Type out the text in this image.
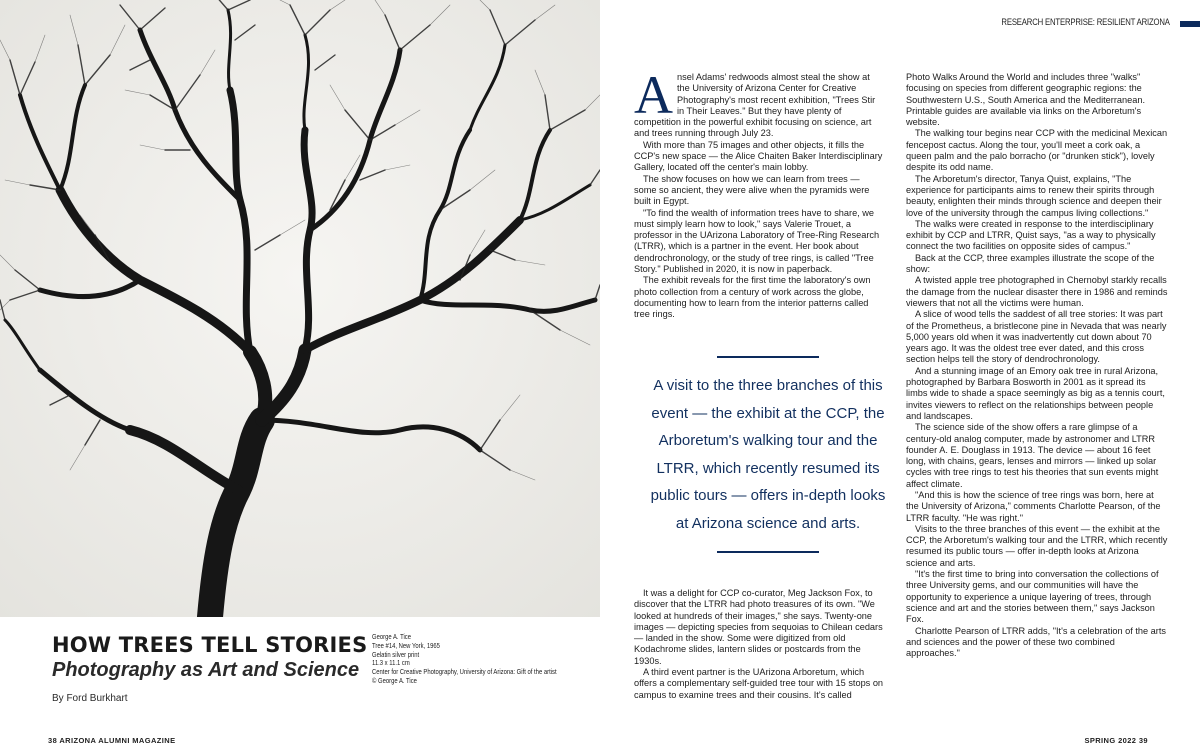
HOW TREES TELL STORIES
Photography as Art and Science
By Ford Burkhart
George A. Tice
Tree #14, New York, 1965
Gelatin silver print
11.3 x 11.1 cm
Center for Creative Photography, University of Arizona: Gift of the artist
© George A. Tice
38 ARIZONA ALUMNI MAGAZINE	SPRING 2022 39
RESEARCH ENTERPRISE: RESILIENT ARIZONA
A nsel Adams' redwoods almost steal the show at the University of Arizona Center for Creative Photography's most recent exhibition, "Trees Stir in Their Leaves." But they have plenty of competition in the powerful exhibit focusing on science, art and trees running through July 23.

With more than 75 images and other objects, it fills the CCP's new space — the Alice Chaiten Baker Interdisciplinary Gallery, located off the center's main lobby.

The show focuses on how we can learn from trees — some so ancient, they were alive when the pyramids were built in Egypt.

"To find the wealth of information trees have to share, we must simply learn how to look," says Valerie Trouet, a professor in the UArizona Laboratory of Tree-Ring Research (LTRR), which is a partner in the event. Her book about dendrochronology, or the study of tree rings, is called "Tree Story." Published in 2020, it is now in paperback.

The exhibit reveals for the first time the laboratory's own photo collection from a century of work across the globe, documenting how to learn from the interior patterns called tree rings.

A visit to the three branches of this event — the exhibit at the CCP, the Arboretum's walking tour and the LTRR, which recently resumed its public tours — offers in-depth looks at Arizona science and arts.

It was a delight for CCP co-curator, Meg Jackson Fox, to discover that the LTRR had photo treasures of its own. "We looked at hundreds of their images," she says. Twenty-one images — depicting species from sequoias to Chilean cedars — landed in the show. Some were digitized from old Kodachrome slides, lantern slides or postcards from the 1930s.

A third event partner is the UArizona Arboretum, which offers a complementary self-guided tree tour with 15 stops on campus to examine trees and their cousins. It's called

Photo Walks Around the World and includes three "walks" focusing on species from different geographic regions: the Southwestern U.S., South America and the Mediterranean. Printable guides are available via links on the Arboretum's website.

The walking tour begins near CCP with the medicinal Mexican fencepost cactus. Along the tour, you'll meet a cork oak, a queen palm and the palo borracho (or "drunken stick"), lovely despite its odd name.

The Arboretum's director, Tanya Quist, explains, "The experience for participants aims to renew their spirits through beauty, enlighten their minds through science and deepen their love of the university through the campus living collections."

The walks were created in response to the interdisciplinary exhibit by CCP and LTRR, Quist says, "as a way to physically connect the two facilities on opposite sides of campus."

Back at the CCP, three examples illustrate the scope of the show:

A twisted apple tree photographed in Chernobyl starkly recalls the damage from the nuclear disaster there in 1986 and reminds viewers that not all the victims were human.

A slice of wood tells the saddest of all tree stories: It was part of the Prometheus, a bristlecone pine in Nevada that was nearly 5,000 years old when it was inadvertently cut down about 70 years ago. It was the oldest tree ever dated, and this cross section helps tell the story of dendrochronology.

And a stunning image of an Emory oak tree in rural Arizona, photographed by Barbara Bosworth in 2001 as it spread its limbs wide to shade a space seemingly as big as a tennis court, invites viewers to reflect on the relationships between people and landscapes.

The science side of the show offers a rare glimpse of a century-old analog computer, made by astronomer and LTRR founder A. E. Douglass in 1913. The device — about 16 feet long, with chains, gears, lenses and mirrors — linked up solar cycles with tree rings to test his theories that sun events might affect climate.

"And this is how the science of tree rings was born, here at the University of Arizona," comments Charlotte Pearson, of the LTRR faculty. "He was right."

Visits to the three branches of this event — the exhibit at the CCP, the Arboretum's walking tour and the LTRR, which recently resumed its public tours — offer in-depth looks at Arizona science and arts.

"It's the first time to bring into conversation the collections of three University gems, and our communities will have the opportunity to experience a unique layering of trees, through science and art and the stories between them," says Jackson Fox.

Charlotte Pearson of LTRR adds, "It's a celebration of the arts and sciences and the power of these two combined approaches."
